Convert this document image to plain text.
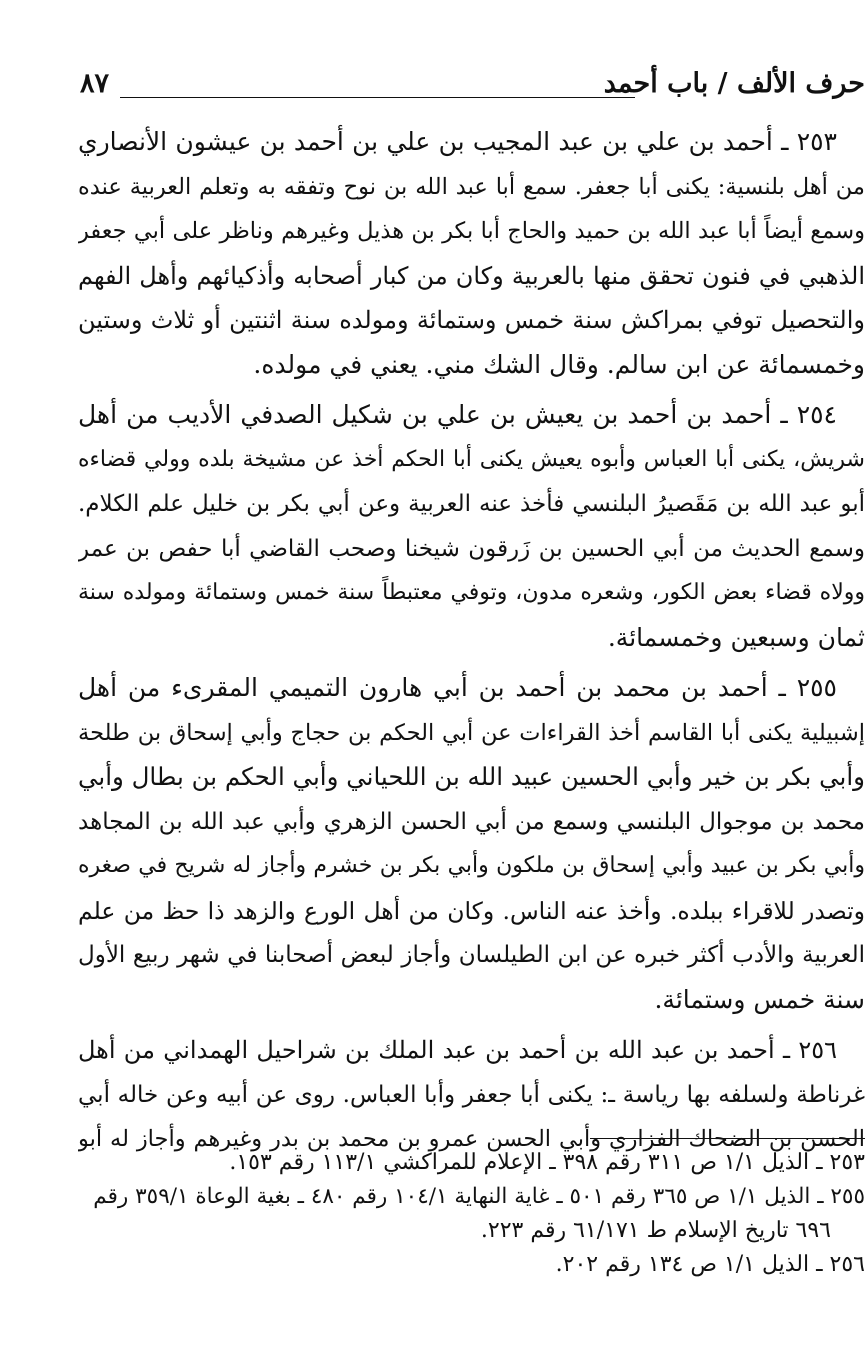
حرف الألف / باب أحمد
٨٧
٢٥٣ ـ أحمد بن علي بن عبد المجيب بن علي بن أحمد بن عيشون الأنصاري
من أهل بلنسية: يكنى أبا جعفر. سمع أبا عبد الله بن نوح وتفقه به وتعلم العربية عنده
وسمع أيضاً أبا عبد الله بن حميد والحاج أبا بكر بن هذيل وغيرهم وناظر على أبي جعفر
الذهبي في فنون تحقق منها بالعربية وكان من كبار أصحابه وأذكيائهم وأهل الفهم
والتحصيل توفي بمراكش سنة خمس وستمائة ومولده سنة اثنتين أو ثلاث وستين
وخمسمائة عن ابن سالم. وقال الشك مني. يعني في مولده.
٢٥٤ ـ أحمد بن أحمد بن يعيش بن علي بن شكيل الصدفي الأديب من أهل
شريش، يكنى أبا العباس وأبوه يعيش يكنى أبا الحكم أخذ عن مشيخة بلده وولي قضاءه
أبو عبد الله بن مَقَصيرُ البلنسي فأخذ عنه العربية وعن أبي بكر بن خليل علم الكلام.
وسمع الحديث من أبي الحسين بن زَرقون شيخنا وصحب القاضي أبا حفص بن عمر
وولاه قضاء بعض الكور، وشعره مدون، وتوفي معتبطاً سنة خمس وستمائة ومولده سنة
ثمان وسبعين وخمسمائة.
٢٥٥ ـ أحمد بن محمد بن أحمد بن أبي هارون التميمي المقرىء من أهل
إشبيلية يكنى أبا القاسم أخذ القراءات عن أبي الحكم بن حجاج وأبي إسحاق بن طلحة
وأبي بكر بن خير وأبي الحسين عبيد الله بن اللحياني وأبي الحكم بن بطال وأبي
محمد بن موجوال البلنسي وسمع من أبي الحسن الزهري وأبي عبد الله بن المجاهد
وأبي بكر بن عبيد وأبي إسحاق بن ملكون وأبي بكر بن خشرم وأجاز له شريح في صغره
وتصدر للاقراء ببلده. وأخذ عنه الناس. وكان من أهل الورع والزهد ذا حظ من علم
العربية والأدب أكثر خبره عن ابن الطيلسان وأجاز لبعض أصحابنا في شهر ربيع الأول
سنة خمس وستمائة.
٢٥٦ ـ أحمد بن عبد الله بن أحمد بن عبد الملك بن شراحيل الهمداني من أهل
غرناطة ولسلفه بها رياسة ـ: يكنى أبا جعفر وأبا العباس. روى عن أبيه وعن خاله أبي
الحسن بن الضحاك الفزاري وأبي الحسن عمرو بن محمد بن بدر وغيرهم وأجاز له أبو
٢٥٣ ـ الذيل ١/١ ص ٣١١ رقم ٣٩٨ ـ الإعلام للمراكشي ١١٣/١ رقم ١٥٣.
٢٥٥ ـ الذيل ١/١ ص ٣٦٥ رقم ٥٠١ ـ غاية النهاية ١٠٤/١ رقم ٤٨٠ ـ بغية الوعاة ٣٥٩/١ رقم
٦٩٦ تاريخ الإسلام ط ٦١/١٧١ رقم ٢٢٣.
٢٥٦ ـ الذيل ١/١ ص ١٣٤ رقم ٢٠٢.
